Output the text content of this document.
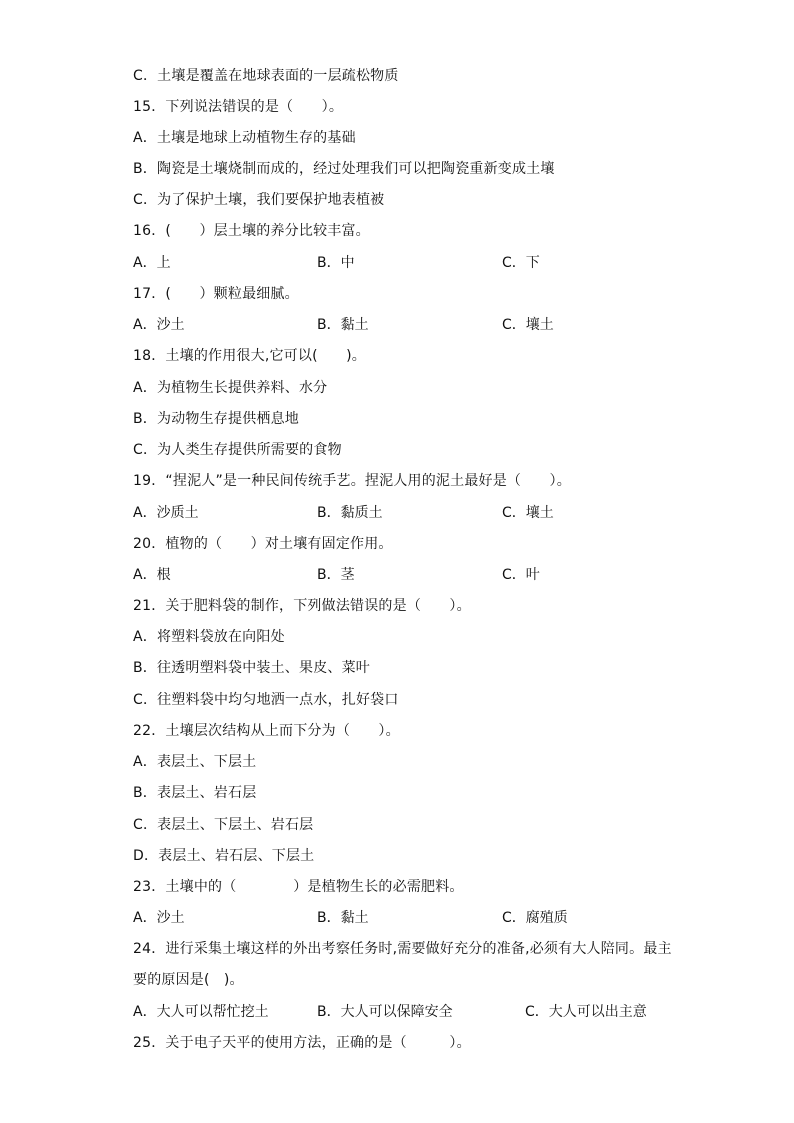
C．土壤是覆盖在地球表面的一层疏松物质
15．下列说法错误的是（　　）。
A．土壤是地球上动植物生存的基础
B．陶瓷是土壤烧制而成的，经过处理我们可以把陶瓷重新变成土壤
C．为了保护土壤，我们要保护地表植被
16．(　　）层土壤的养分比较丰富。
A．上	B．中	C．下
17．(　　）颗粒最细腻。
A．沙土	B．黏土	C．壤土
18．土壤的作用很大,它可以(　　)。
A．为植物生长提供养料、水分
B．为动物生存提供栖息地
C．为人类生存提供所需要的食物
19．“捏泥人”是一种民间传统手艺。捏泥人用的泥土最好是（　　）。
A．沙质土	B．黏质土	C．壤土
20．植物的（　　）对土壤有固定作用。
A．根	B．茎	C．叶
21．关于肥料袋的制作，下列做法错误的是（　　）。
A．将塑料袋放在向阳处
B．往透明塑料袋中装土、果皮、菜叶
C．往塑料袋中均匀地洒一点水，扎好袋口
22．土壤层次结构从上而下分为（　　）。
A．表层土、下层土
B．表层土、岩石层
C．表层土、下层土、岩石层
D．表层土、岩石层、下层土
23．土壤中的（　　　　）是植物生长的必需肥料。
A．沙土	B．黏土	C．腐殖质
24．进行采集土壤这样的外出考察任务时,需要做好充分的准备,必须有大人陪同。最主
要的原因是(　)。
A．大人可以帮忙挖土	B．大人可以保障安全	C．大人可以出主意
25．关于电子天平的使用方法，正确的是（　　　）。
